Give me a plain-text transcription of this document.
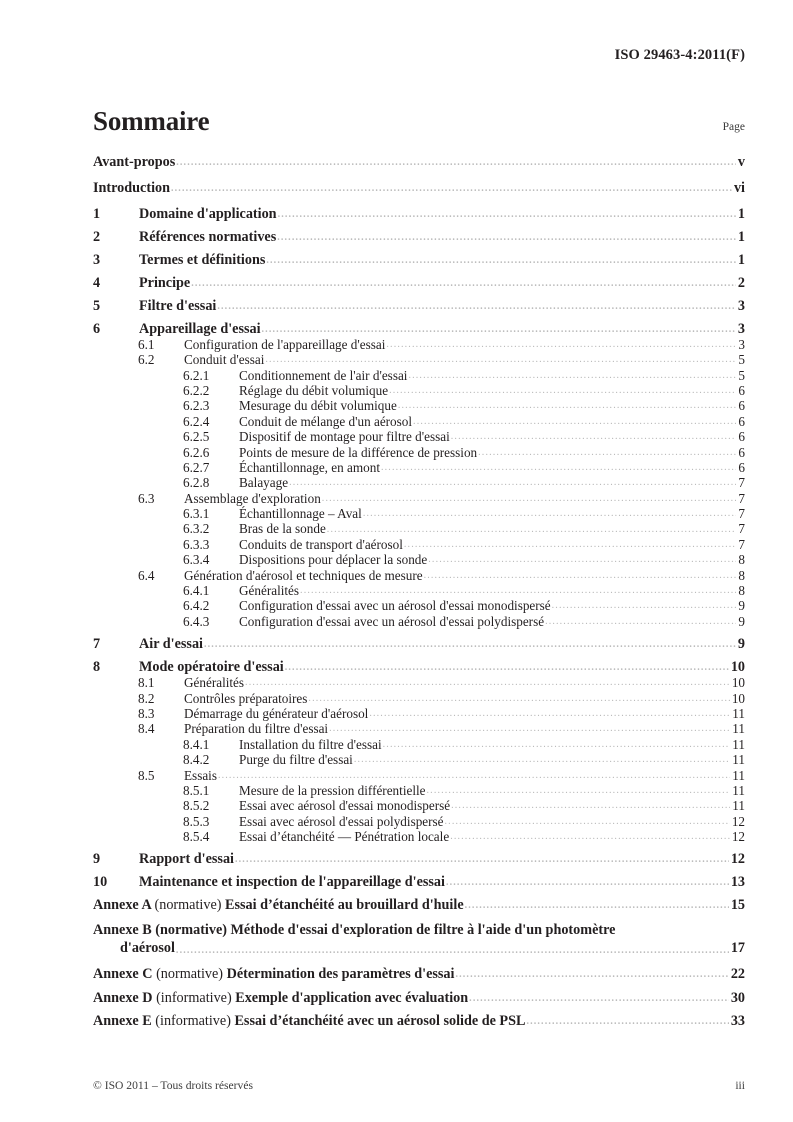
ISO 29463-4:2011(F)
Sommaire	Page
Avant-propos .....	v
Introduction .....	vi
1	Domaine d'application .....	1
2	Références normatives .....	1
3	Termes et définitions .....	1
4	Principe .....	2
5	Filtre d'essai .....	3
6	Appareillage d'essai .....	3
6.1	Configuration de l'appareillage d'essai .....	3
6.2	Conduit d'essai .....	5
6.2.1	Conditionnement de l'air d'essai .....	5
6.2.2	Réglage du débit volumique .....	6
6.2.3	Mesurage du débit volumique .....	6
6.2.4	Conduit de mélange d'un aérosol .....	6
6.2.5	Dispositif de montage pour filtre d'essai .....	6
6.2.6	Points de mesure de la différence de pression .....	6
6.2.7	Échantillonnage, en amont .....	6
6.2.8	Balayage .....	7
6.3	Assemblage d'exploration .....	7
6.3.1	Échantillonnage – Aval .....	7
6.3.2	Bras de la sonde .....	7
6.3.3	Conduits de transport d'aérosol .....	7
6.3.4	Dispositions pour déplacer la sonde .....	8
6.4	Génération d'aérosol et techniques de mesure .....	8
6.4.1	Généralités .....	8
6.4.2	Configuration d'essai avec un aérosol d'essai monodispersé .....	9
6.4.3	Configuration d'essai avec un aérosol d'essai polydispersé .....	9
7	Air d'essai .....	9
8	Mode opératoire d'essai .....	10
8.1	Généralités .....	10
8.2	Contrôles préparatoires .....	10
8.3	Démarrage du générateur d'aérosol .....	11
8.4	Préparation du filtre d'essai .....	11
8.4.1	Installation du filtre d'essai .....	11
8.4.2	Purge du filtre d'essai .....	11
8.5	Essais .....	11
8.5.1	Mesure de la pression différentielle .....	11
8.5.2	Essai avec aérosol d'essai monodispersé .....	11
8.5.3	Essai avec aérosol d'essai polydispersé .....	12
8.5.4	Essai d’étanchéité — Pénétration locale .....	12
9	Rapport d'essai .....	12
10	Maintenance et inspection de l'appareillage d'essai .....	13
Annexe A (normative) Essai d’étanchéité au brouillard d'huile .....	15
Annexe B (normative) Méthode d'essai d'exploration de filtre à l'aide d'un photomètre
d'aérosol .....	17
Annexe C (normative) Détermination des paramètres d'essai .....	22
Annexe D (informative) Exemple d'application avec évaluation .....	30
Annexe E (informative) Essai d’étanchéité avec un aérosol solide de PSL .....	33
© ISO 2011 – Tous droits réservés	iii
